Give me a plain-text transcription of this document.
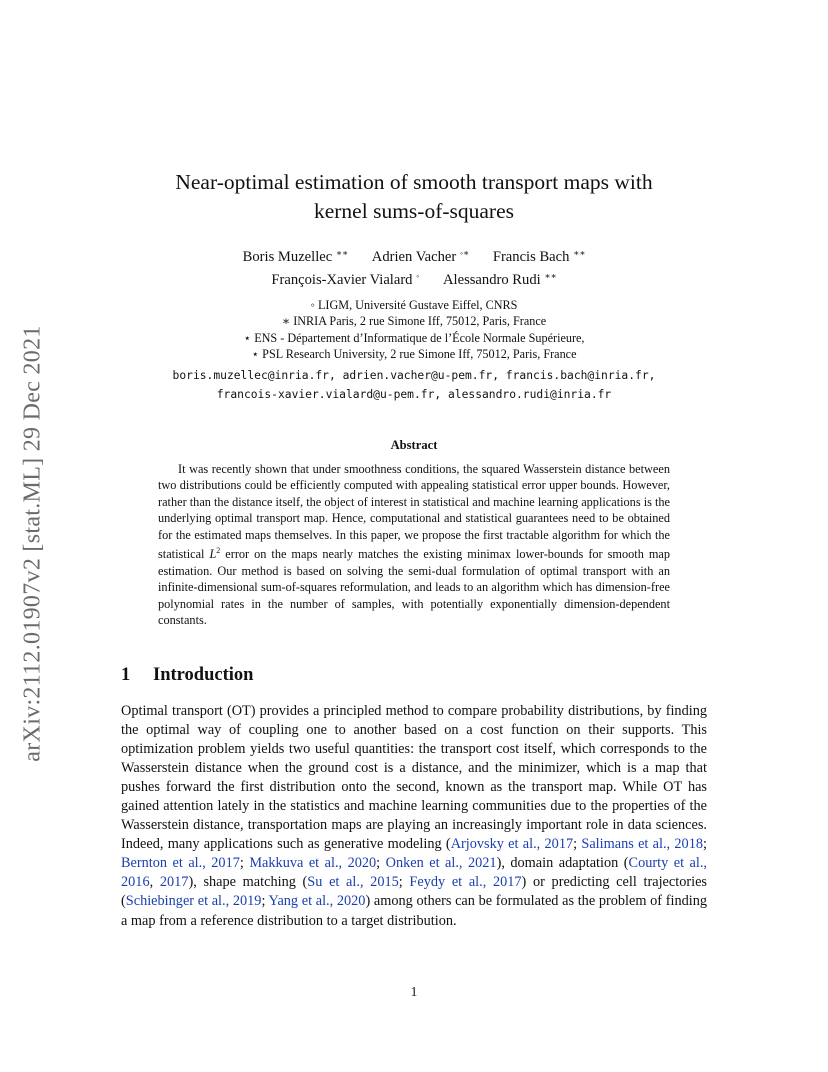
arXiv:2112.01907v2 [stat.ML] 29 Dec 2021
Near-optimal estimation of smooth transport maps with
kernel sums-of-squares
Boris Muzellec ∗∗ Adrien Vacher ◦∗ Francis Bach ∗∗
François-Xavier Vialard ◦ Alessandro Rudi ∗∗
◦ LIGM, Université Gustave Eiffel, CNRS
∗ INRIA Paris, 2 rue Simone Iff, 75012, Paris, France
⋆ ENS - Département d’Informatique de l’École Normale Supérieure,
⋆ PSL Research University, 2 rue Simone Iff, 75012, Paris, France
boris.muzellec@inria.fr, adrien.vacher@u-pem.fr, francis.bach@inria.fr,
francois-xavier.vialard@u-pem.fr, alessandro.rudi@inria.fr
Abstract

It was recently shown that under smoothness conditions, the squared Wasserstein distance between two distributions could be efficiently computed with appealing statistical error upper bounds. However, rather than the distance itself, the object of interest in statistical and machine learning applications is the underlying optimal transport map. Hence, computational and statistical guarantees need to be obtained for the estimated maps themselves. In this paper, we propose the first tractable algorithm for which the statistical $L^2$ error on the maps nearly matches the existing minimax lower-bounds for smooth map estimation. Our method is based on solving the semi-dual formulation of optimal transport with an infinite-dimensional sum-of-squares reformulation, and leads to an algorithm which has dimension-free polynomial rates in the number of samples, with potentially exponentially dimension-dependent constants.

1 Introduction

Optimal transport (OT) provides a principled method to compare probability distributions, by finding the optimal way of coupling one to another based on a cost function on their supports. This optimization problem yields two useful quantities: the transport cost itself, which corresponds to the Wasserstein distance when the ground cost is a distance, and the minimizer, which is a map that pushes forward the first distribution onto the second, known as the transport map. While OT has gained attention lately in the statistics and machine learning communities due to the properties of the Wasserstein distance, transportation maps are playing an increasingly important role in data sciences. Indeed, many applications such as generative modeling (Arjovsky et al., 2017; Salimans et al., 2018; Bernton et al., 2017; Makkuva et al., 2020; Onken et al., 2021), domain adaptation (Courty et al., 2016, 2017), shape matching (Su et al., 2015; Feydy et al., 2017) or predicting cell trajectories (Schiebinger et al., 2019; Yang et al., 2020) among others can be formulated as the problem of finding a map from a reference distribution to a target distribution.

1
